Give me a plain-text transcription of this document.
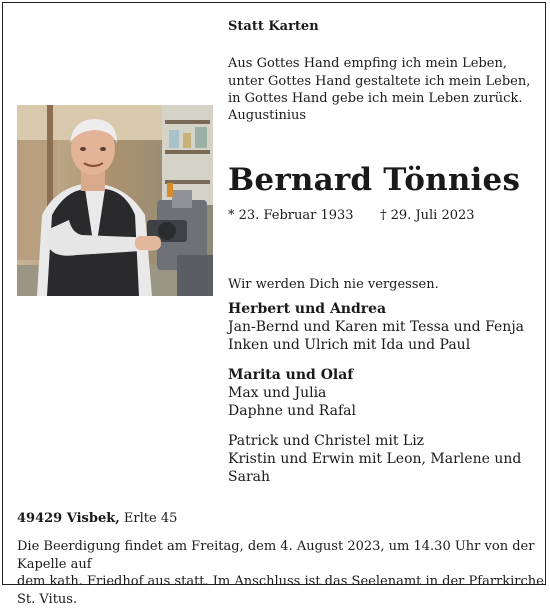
Statt Karten
Aus Gottes Hand empfing ich mein Leben,
unter Gottes Hand gestaltete ich mein Leben,
in Gottes Hand gebe ich mein Leben zurück.
Augustinius
Bernard Tönnies
* 23. Februar 1933 † 29. Juli 2023
Wir werden Dich nie vergessen.
Herbert und Andrea
Jan-Bernd und Karen mit Tessa und Fenja
Inken und Ulrich mit Ida und Paul
Marita und Olaf
Max und Julia
Daphne und Rafal
Patrick und Christel mit Liz
Kristin und Erwin mit Leon, Marlene und Sarah
49429 Visbek, Erlte 45
Die Beerdigung findet am Freitag, dem 4. August 2023, um 14.30 Uhr von der Kapelle auf
dem kath. Friedhof aus statt. Im Anschluss ist das Seelenamt in der Pfarrkirche St. Vitus.
